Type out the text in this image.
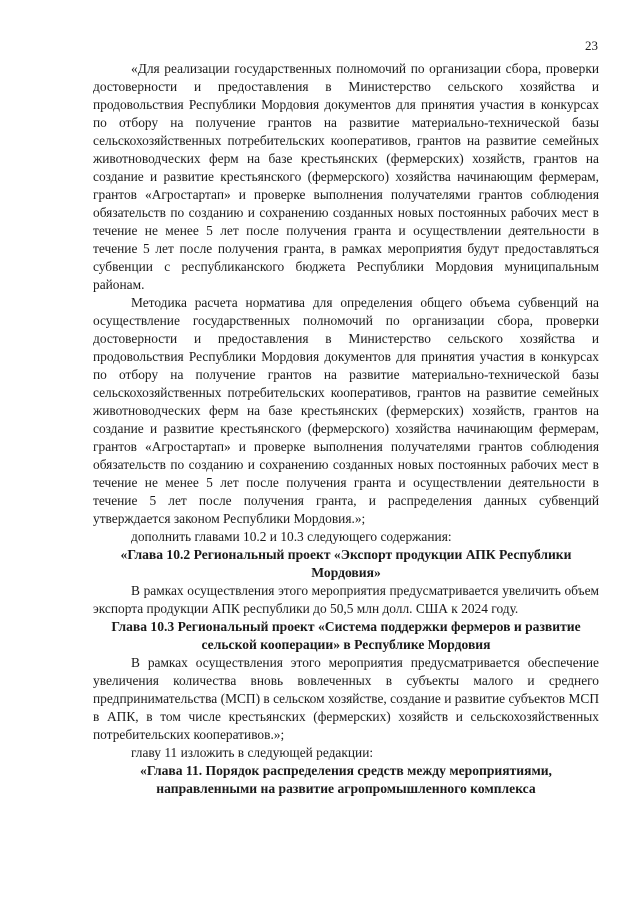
23

«Для реализации государственных полномочий по организации сбора, проверки достоверности и предоставления в Министерство сельского хозяйства и продовольствия Республики Мордовия документов для принятия участия в конкурсах по отбору на получение грантов на развитие материально-технической базы сельскохозяйственных потребительских кооперативов, грантов на развитие семейных животноводческих ферм на базе крестьянских (фермерских) хозяйств, грантов на создание и развитие крестьянского (фермерского) хозяйства начинающим фермерам, грантов «Агростартап» и проверке выполнения получателями грантов соблюдения обязательств по созданию и сохранению созданных новых постоянных рабочих мест в течение не менее 5 лет после получения гранта и осуществлении деятельности в течение 5 лет после получения гранта, в рамках мероприятия будут предоставляться субвенции с республиканского бюджета Республики Мордовия муниципальным районам.

Методика расчета норматива для определения общего объема субвенций на осуществление государственных полномочий по организации сбора, проверки достоверности и предоставления в Министерство сельского хозяйства и продовольствия Республики Мордовия документов для принятия участия в конкурсах по отбору на получение грантов на развитие материально-технической базы сельскохозяйственных потребительских кооперативов, грантов на развитие семейных животноводческих ферм на базе крестьянских (фермерских) хозяйств, грантов на создание и развитие крестьянского (фермерского) хозяйства начинающим фермерам, грантов «Агростартап» и проверке выполнения получателями грантов соблюдения обязательств по созданию и сохранению созданных новых постоянных рабочих мест в течение не менее 5 лет после получения гранта и осуществлении деятельности в течение 5 лет после получения гранта, и распределения данных субвенций утверждается законом Республики Мордовия.»;

дополнить главами 10.2 и 10.3 следующего содержания:

«Глава 10.2 Региональный проект «Экспорт продукции АПК Республики Мордовия»

В рамках осуществления этого мероприятия предусматривается увеличить объем экспорта продукции АПК республики до 50,5 млн долл. США к 2024 году.

Глава 10.3 Региональный проект «Система поддержки фермеров и развитие сельской кооперации» в Республике Мордовия

В рамках осуществления этого мероприятия предусматривается обеспечение увеличения количества вновь вовлеченных в субъекты малого и среднего предпринимательства (МСП) в сельском хозяйстве, создание и развитие субъектов МСП в АПК, в том числе крестьянских (фермерских) хозяйств и сельскохозяйственных потребительских кооперативов.»;

главу 11 изложить в следующей редакции:

«Глава 11. Порядок распределения средств между мероприятиями, направленными на развитие агропромышленного комплекса
